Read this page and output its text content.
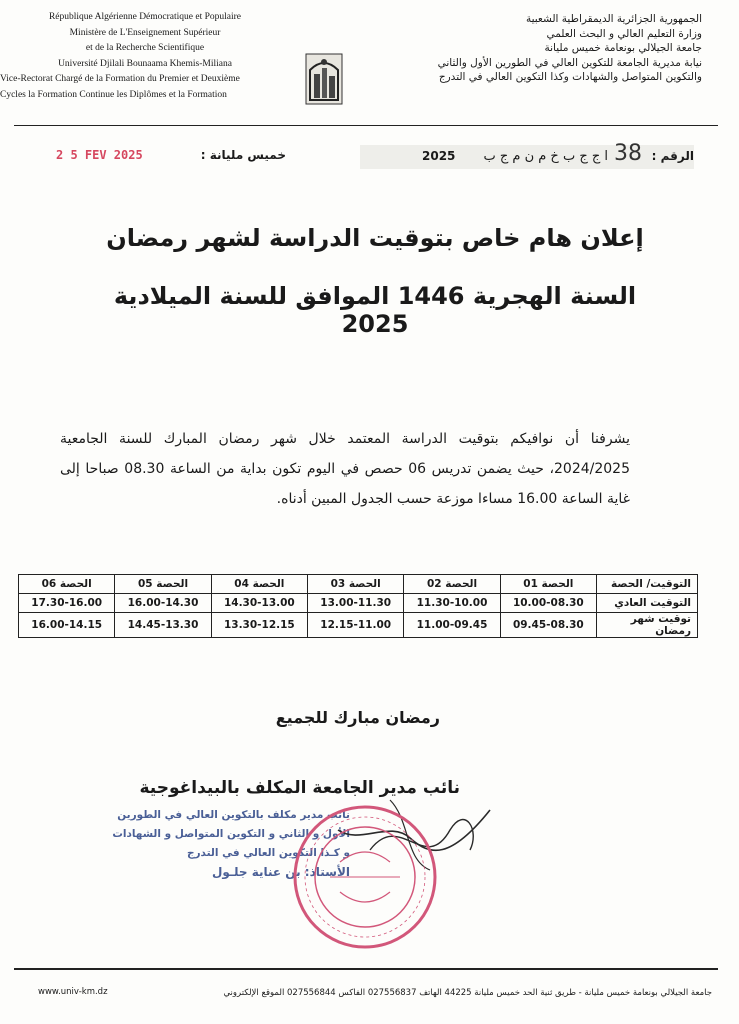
République Algérienne Démocratique et Populaire
Ministère de L'Enseignement Supérieur
et de la Recherche Scientifique
Université Djilali Bounaama Khemis-Miliana
Vice-Rectorat Chargé de la Formation du Premier et Deuxième
Cycles la Formation Continue les Diplômes et la Formation
الجمهورية الجزائرية الديمقراطية الشعبية
وزارة التعليم العالي و البحث العلمي
جامعة الجيلالي بونعامة خميس مليانة
نيابة مديرية الجامعة للتكوين العالي في الطورين الأول والثاني
والتكوين المتواصل والشهادات وكذا التكوين العالي في التدرج
الرقم :
38
ا ج ج ب خ م ن م ج ب
2025
خميس مليانة :
2 5 FEV 2025
إعلان هام خاص بتوقيت الدراسة لشهر رمضان
السنة الهجرية 1446 الموافق للسنة الميلادية 2025
يشرفنا أن نوافيكم بتوقيت الدراسة المعتمد خلال شهر رمضان المبارك للسنة الجامعية 2024/2025، حيث يضمن تدريس 06 حصص في اليوم تكون بداية من الساعة 08.30 صباحا إلى غاية الساعة 16.00 مساءا موزعة حسب الجدول المبين أدناه.
التوقيت/ الحصة	الحصة 01	الحصة 02	الحصة 03	الحصة 04	الحصة 05	الحصة 06
التوقيت العادي	10.00-08.30	11.30-10.00	13.00-11.30	14.30-13.00	16.00-14.30	17.30-16.00
توقيت شهر رمضان	09.45-08.30	11.00-09.45	12.15-11.00	13.30-12.15	14.45-13.30	16.00-14.15
رمضان مبارك للجميع
نائب مدير الجامعة المكلف بالبيداغوجية
نائب مدير مكلف بالتكوين العالي في الطورين
الأول و الثاني و التكوين المتواصل و الشهادات
و كـذا التكوين العالي في التدرج
الأستاذ: بن عناية جلـول
www.univ-km.dz	جامعة الجيلالي بونعامة خميس مليانة - طريق ثنية الحد خميس مليانة 44225 الهاتف 027556837 الفاكس 027556844 الموقع الإلكتروني
